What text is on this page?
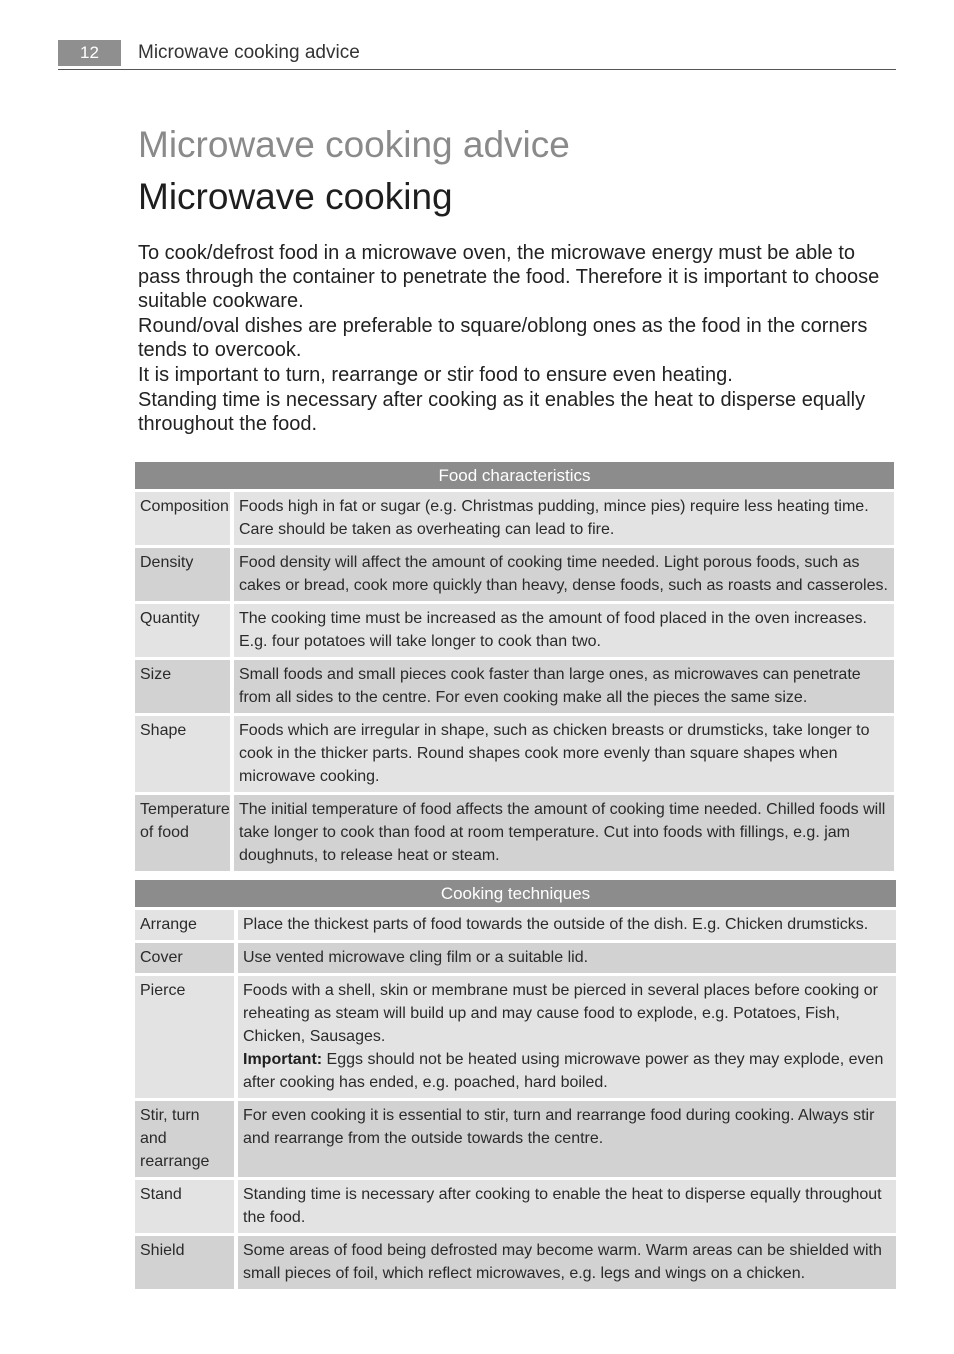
12	Microwave cooking advice
Microwave cooking advice
Microwave cooking

To cook/defrost food in a microwave oven, the microwave energy must be able to pass through the container to penetrate the food. Therefore it is important to choose suitable cookware.

Round/oval dishes are preferable to square/oblong ones as the food in the corners tends to overcook.

It is important to turn, rearrange or stir food to ensure even heating.

Standing time is necessary after cooking as it enables the heat to disperse equally throughout the food.

Food characteristics	
Composition	Foods high in fat or sugar (e.g. Christmas pudding, mince pies) require less heating time. Care should be taken as overheating can lead to fire.
Density	Food density will affect the amount of cooking time needed. Light porous foods, such as cakes or bread, cook more quickly than heavy, dense foods, such as roasts and casseroles.
Quantity	The cooking time must be increased as the amount of food placed in the oven increases. E.g. four potatoes will take longer to cook than two.
Size	Small foods and small pieces cook faster than large ones, as microwaves can penetrate from all sides to the centre. For even cooking make all the pieces the same size.
Shape	Foods which are irregular in shape, such as chicken breasts or drumsticks, take longer to cook in the thicker parts. Round shapes cook more evenly than square shapes when microwave cooking.
Temperature of food	The initial temperature of food affects the amount of cooking time needed. Chilled foods will take longer to cook than food at room temperature. Cut into foods with fillings, e.g. jam doughnuts, to release heat or steam.
Cooking techniques	
Arrange	Place the thickest parts of food towards the outside of the dish. E.g. Chicken drumsticks.
Cover	Use vented microwave cling film or a suitable lid.
Pierce	Foods with a shell, skin or membrane must be pierced in several places before cooking or reheating as steam will build up and may cause food to explode, e.g. Potatoes, Fish, Chicken, Sausages.
Important: Eggs should not be heated using microwave power as they may explode, even after cooking has ended, e.g. poached, hard boiled.
Stir, turn and rearrange	For even cooking it is essential to stir, turn and rearrange food during cooking. Always stir and rearrange from the outside towards the centre.
Stand	Standing time is necessary after cooking to enable the heat to disperse equally throughout the food.
Shield	Some areas of food being defrosted may become warm. Warm areas can be shielded with small pieces of foil, which reflect microwaves, e.g. legs and wings on a chicken.
